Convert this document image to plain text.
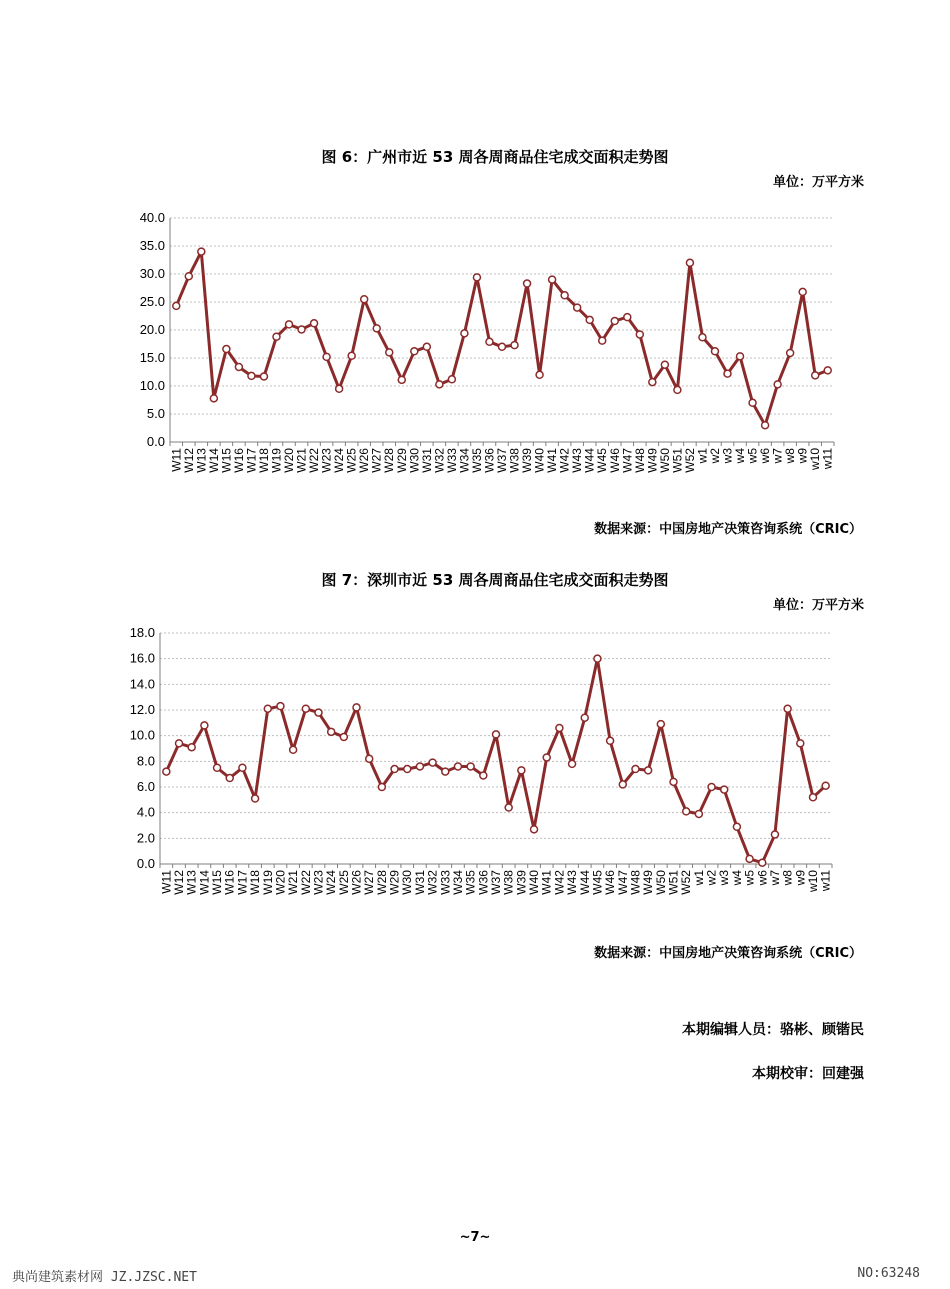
图 6：广州市近 53 周各周商品住宅成交面积走势图
单位：万平方米
40.0
35.0
30.0
25.0
20.0
15.0
10.0
5.0
0.0
W11
W12
W13
W14
W15
W16
W17
W18
W19
W20
W21
W22
W23
W24
W25
W26
W27
W28
W29
W30
W31
W32
W33
W34
W35
W36
W37
W38
W39
W40
W41
W42
W43
W44
W45
W46
W47
W48
W49
W50
W51
W52
w1
w2
w3
w4
w5
w6
w7
w8
w9
w10
w11
数据来源：中国房地产决策咨询系统（CRIC）
图 7：深圳市近 53 周各周商品住宅成交面积走势图
单位：万平方米
18.0
16.0
14.0
12.0
10.0
8.0
6.0
4.0
2.0
0.0
W11
W12
W13
W14
W15
W16
W17
W18
W19
W20
W21
W22
W23
W24
W25
W26
W27
W28
W29
W30
W31
W32
W33
W34
W35
W36
W37
W38
W39
W40
W41
W42
W43
W44
W45
W46
W47
W48
W49
W50
W51
W52
w1
w2
w3
w4
w5
w6
w7
w8
w9
w10
w11
数据来源：中国房地产决策咨询系统（CRIC）
本期编辑人员：骆彬、顾锴民
本期校审：回建强
~7~
典尚建筑素材网 JZ.JZSC.NET	NO:63248
